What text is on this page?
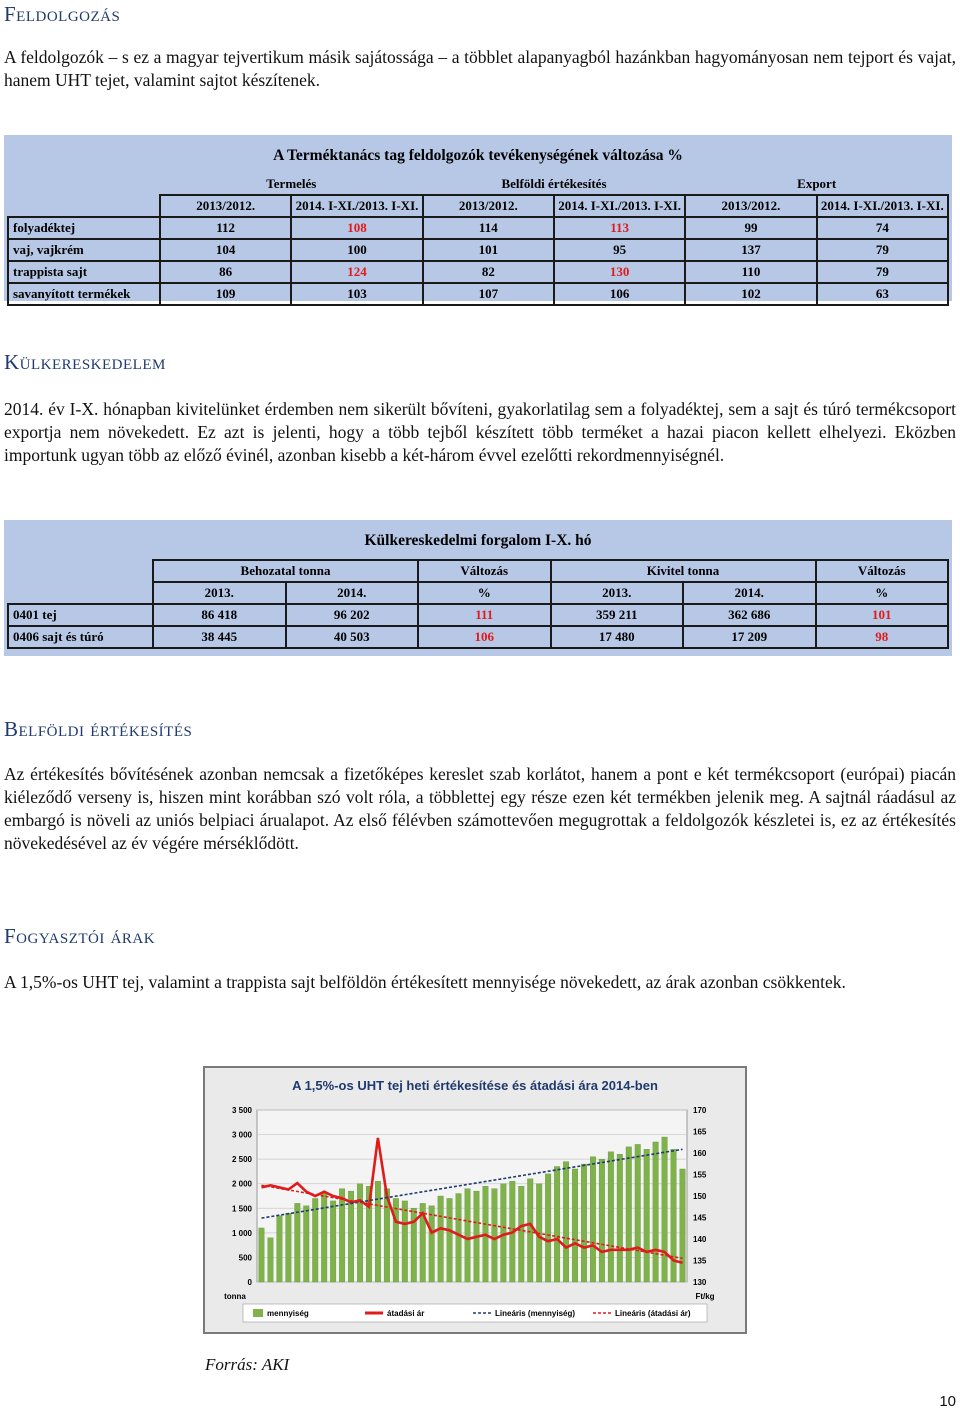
Feldolgozás

A feldolgozók – s ez a magyar tejvertikum másik sajátossága – a többlet alapanyagból hazánkban hagyományosan nem tejport és vajat, hanem UHT tejet, valamint sajtot készítenek.

A Terméktanács tag feldolgozók tevékenységének változása %						
	Termelés		Belföldi értékesítés		Export	
	2013/2012.	2014. I-XI./2013. I-XI.	2013/2012.	2014. I-XI./2013. I-XI.	2013/2012.	2014. I-XI./2013. I-XI.
folyadéktej	112	108	114	113	99	74
vaj, vajkrém	104	100	101	95	137	79
trappista sajt	86	124	82	130	110	79
savanyított termékek	109	103	107	106	102	63
Külkereskedelem

2014. év I-X. hónapban kivitelünket érdemben nem sikerült bővíteni, gyakorlatilag sem a folyadéktej, sem a sajt és túró termékcsoport exportja nem növekedett. Ez azt is jelenti, hogy a több tejből készített több terméket a hazai piacon kellett elhelyezi. Eközben importunk ugyan több az előző évinél, azonban kisebb a két-három évvel ezelőtti rekordmennyiségnél.

Külkereskedelmi forgalom I-X. hó						
	Behozatal tonna		Változás	Kivitel tonna		Változás
	2013.	2014.	%	2013.	2014.	%
0401 tej	86 418	96 202	111	359 211	362 686	101
0406 sajt és túró	38 445	40 503	106	17 480	17 209	98
Belföldi értékesítés

Az értékesítés bővítésének azonban nemcsak a fizetőképes kereslet szab korlátot, hanem a pont e két termékcsoport (európai) piacán kiéleződő verseny is, hiszen mint korábban szó volt róla, a többlettej egy része ezen két termékben jelenik meg. A sajtnál ráadásul az embargó is növeli az uniós belpiaci árualapot. Az első félévben számottevően megugrottak a feldolgozók készletei is, ez az értékesítés növekedésével az év végére mérséklődött.

Fogyasztói árak

A 1,5%-os UHT tej, valamint a trappista sajt belföldön értékesített mennyisége növekedett, az árak azonban csökkentek.

A 1,5%-os UHT tej heti értékesítése és átadási ára 2014-ben
0
500
1 000
1 500
2 000
2 500
3 000
3 500
130
135
140
145
150
155
160
165
170
tonna	Ft/kg
mennyiség	átadási ár	Lineáris (mennyiség)	Lineáris (átadási ár)

Forrás: AKI

10
